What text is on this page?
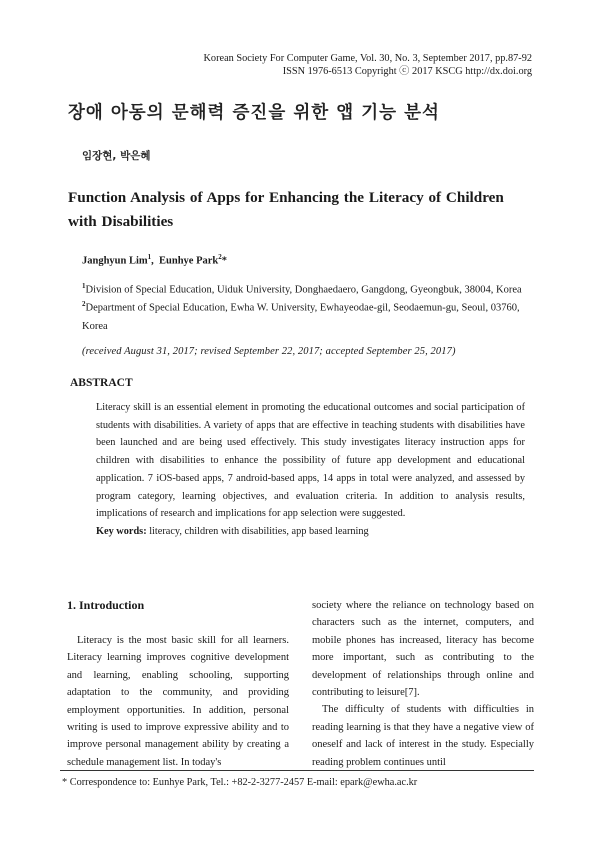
Korean Society For Computer Game, Vol. 30, No. 3, September 2017, pp.87-92
ISSN 1976-6513 Copyright ⓒ 2017 KSCG http://dx.doi.org
장애 아동의 문해력 증진을 위한 앱 기능 분석
임장현, 박은혜
Function Analysis of Apps for Enhancing the Literacy of Children with Disabilities
Janghyun Lim$^1$, Eunhye Park$^2$*
$^1$Division of Special Education, Uiduk University, Donghaedaero, Gangdong, Gyeongbuk, 38004, Korea
$^2$Department of Special Education, Ewha W. University, Ewhayeodae-gil, Seodaemun-gu, Seoul, 03760, Korea
(received August 31, 2017; revised September 22, 2017; accepted September 25, 2017)
ABSTRACT
Literacy skill is an essential element in promoting the educational outcomes and social participation of students with disabilities. A variety of apps that are effective in teaching students with disabilities have been launched and are being used effectively. This study investigates literacy instruction apps for children with disabilities to enhance the possibility of future app development and educational application. 7 iOS-based apps, 7 android-based apps, 14 apps in total were analyzed, and assessed by program category, learning objectives, and evaluation criteria. In addition to analysis results, implications of research and implications for app selection were suggested.
Key words: literacy, children with disabilities, app based learning
1. Introduction

Literacy is the most basic skill for all learners. Literacy learning improves cognitive development and learning, enabling schooling, supporting adaptation to the community, and providing employment opportunities. In addition, personal writing is used to improve expressive ability and to improve personal management ability by creating a schedule management list. In today's

society where the reliance on technology based on characters such as the internet, computers, and mobile phones has increased, literacy has become more important, such as contributing to the development of relationships through online and contributing to leisure[7].

The difficulty of students with difficulties in reading learning is that they have a negative view of oneself and lack of interest in the study. Especially reading problem continues until

* Correspondence to: Eunhye Park, Tel.: +82-2-3277-2457 E-mail: epark@ewha.ac.kr
